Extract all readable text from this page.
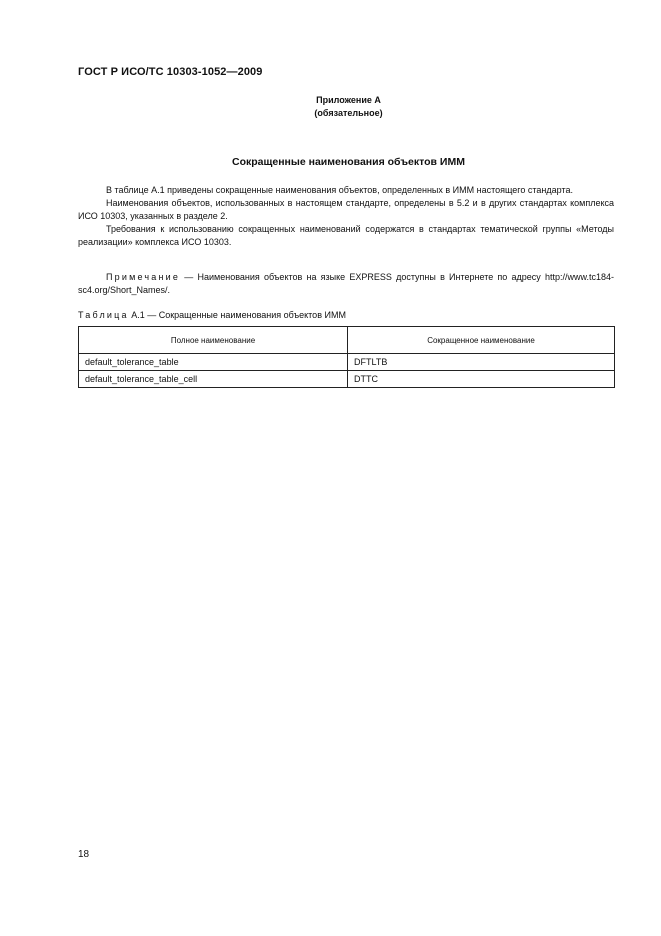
ГОСТ Р ИСО/ТС 10303-1052—2009
Приложение А
(обязательное)
Сокращенные наименования объектов ИММ

В таблице А.1 приведены сокращенные наименования объектов, определенных в ИММ настоящего стандарта.

Наименования объектов, использованных в настоящем стандарте, определены в 5.2 и в других стандартах комплекса ИСО 10303, указанных в разделе 2.

Требования к использованию сокращенных наименований содержатся в стандартах тематической группы «Методы реализации» комплекса ИСО 10303.

Примечание — Наименования объектов на языке EXPRESS доступны в Интернете по адресу http://www.tc184-sc4.org/Short_Names/.
Таблица А.1 — Сокращенные наименования объектов ИММ
Полное наименование	Сокращенное наименование
default_tolerance_table	DFTLTB
default_tolerance_table_cell	DTTC
18
